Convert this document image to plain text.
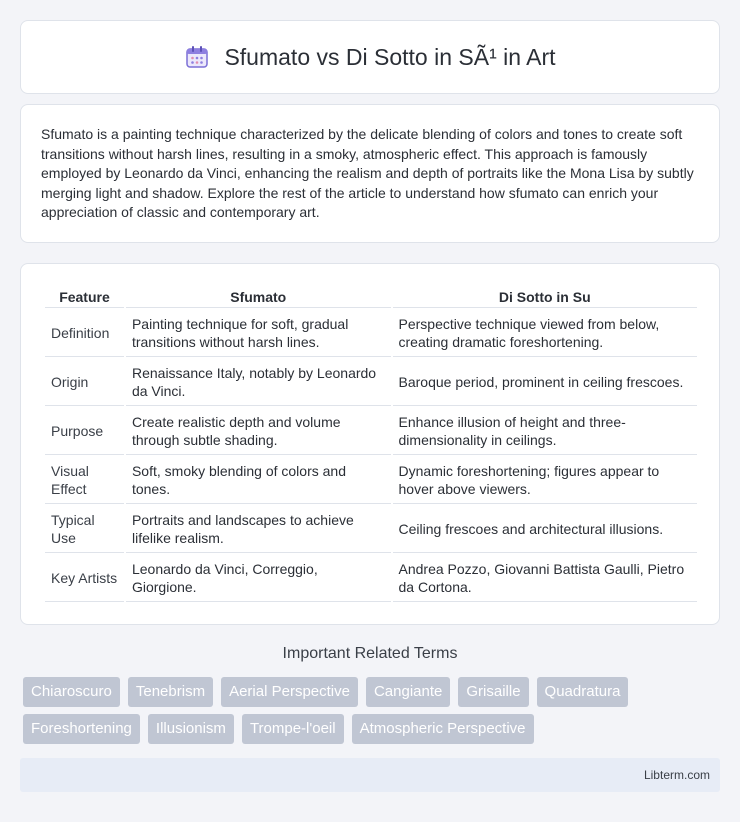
Sfumato vs Di Sotto in SÃ¹ in Art

Sfumato is a painting technique characterized by the delicate blending of colors and tones to create soft transitions without harsh lines, resulting in a smoky, atmospheric effect. This approach is famously employed by Leonardo da Vinci, enhancing the realism and depth of portraits like the Mona Lisa by subtly merging light and shadow. Explore the rest of the article to understand how sfumato can enrich your appreciation of classic and contemporary art.

Feature	Sfumato	Di Sotto in Su
Definition	Painting technique for soft, gradual transitions without harsh lines.	Perspective technique viewed from below, creating dramatic foreshortening.
Origin	Renaissance Italy, notably by Leonardo da Vinci.	Baroque period, prominent in ceiling frescoes.
Purpose	Create realistic depth and volume through subtle shading.	Enhance illusion of height and three-dimensionality in ceilings.
Visual Effect	Soft, smoky blending of colors and tones.	Dynamic foreshortening; figures appear to hover above viewers.
Typical Use	Portraits and landscapes to achieve lifelike realism.	Ceiling frescoes and architectural illusions.
Key Artists	Leonardo da Vinci, Correggio, Giorgione.	Andrea Pozzo, Giovanni Battista Gaulli, Pietro da Cortona.
Important Related Terms
Chiaroscuro	Tenebrism	Aerial Perspective	Cangiante	Grisaille	Quadratura
Foreshortening	Illusionism	Trompe-l'oeil	Atmospheric Perspective
Libterm.com
